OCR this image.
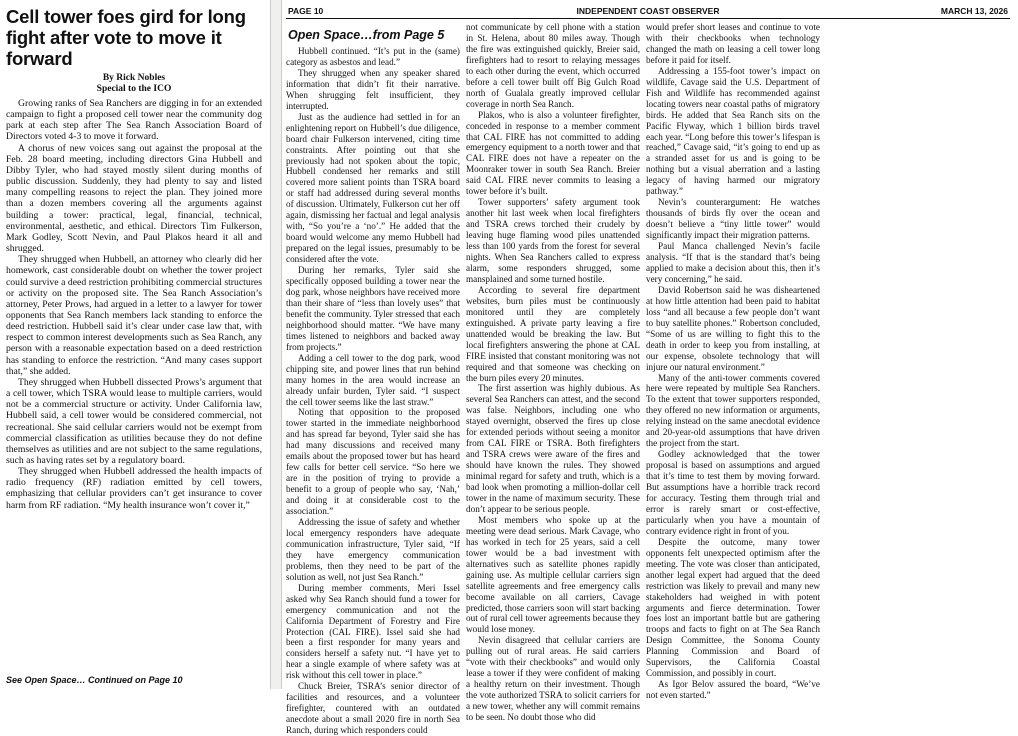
Cell tower foes gird for long fight after vote to move it forward

By Rick Nobles

Special to the ICO

Growing ranks of Sea Ranchers are digging in for an extended campaign to fight a proposed cell tower near the community dog park at each step after The Sea Ranch Association Board of Directors voted 4-3 to move it forward.

A chorus of new voices sang out against the proposal at the Feb. 28 board meeting, including directors Gina Hubbell and Dibby Tyler, who had stayed mostly silent during months of public discussion. Suddenly, they had plenty to say and listed many compelling reasons to reject the plan. They joined more than a dozen members covering all the arguments against building a tower: practical, legal, financial, technical, environmental, aesthetic, and ethical. Directors Tim Fulkerson, Mark Godley, Scott Nevin, and Paul Plakos heard it all and shrugged.

They shrugged when Hubbell, an attorney who clearly did her homework, cast considerable doubt on whether the tower project could survive a deed restriction prohibiting commercial structures or activity on the proposed site. The Sea Ranch Association’s attorney, Peter Prows, had argued in a letter to a lawyer for tower opponents that Sea Ranch members lack standing to enforce the deed restriction. Hubbell said it’s clear under case law that, with respect to common interest developments such as Sea Ranch, any person with a reasonable expectation based on a deed restriction has standing to enforce the restriction. “And many cases support that,” she added.

They shrugged when Hubbell dissected Prows’s argument that a cell tower, which TSRA would lease to multiple carriers, would not be a commercial structure or activity. Under California law, Hubbell said, a cell tower would be considered commercial, not recreational. She said cellular carriers would not be exempt from commercial classification as utilities because they do not define themselves as utilities and are not subject to the same regulations, such as having rates set by a regulatory board.

They shrugged when Hubbell addressed the health impacts of radio frequency (RF) radiation emitted by cell towers, emphasizing that cellular providers can’t get insurance to cover harm from RF radiation. “My health insurance won’t cover it,”

See Open Space… Continued on Page 10
PAGE 10	INDEPENDENT COAST OBSERVER	MARCH 13, 2026
Open Space…from Page 5

Hubbell continued. “It’s put in the (same) category as asbestos and lead.”

They shrugged when any speaker shared information that didn’t fit their narrative. When shrugging felt insufficient, they interrupted.

Just as the audience had settled in for an enlightening report on Hubbell’s due diligence, board chair Fulkerson intervened, citing time constraints. After pointing out that she previously had not spoken about the topic, Hubbell condensed her remarks and still covered more salient points than TSRA board or staff had addressed during several months of discussion. Ultimately, Fulkerson cut her off again, dismissing her factual and legal analysis with, “So you’re a ‘no’.” He added that the board would welcome any memo Hubbell had prepared on the legal issues, presumably to be considered after the vote.

During her remarks, Tyler said she specifically opposed building a tower near the dog park, whose neighbors have received more than their share of “less than lovely uses” that benefit the community. Tyler stressed that each neighborhood should matter. “We have many times listened to neighbors and backed away from projects.”

Adding a cell tower to the dog park, wood chipping site, and power lines that run behind many homes in the area would increase an already unfair burden, Tyler said. “I suspect the cell tower seems like the last straw.”

Noting that opposition to the proposed tower started in the immediate neighborhood and has spread far beyond, Tyler said she has had many discussions and received many emails about the proposed tower but has heard few calls for better cell service. “So here we are in the position of trying to provide a benefit to a group of people who say, ‘Nah,’ and doing it at considerable cost to the association.”

Addressing the issue of safety and whether local emergency responders have adequate communication infrastructure, Tyler said, “If they have emergency communication problems, then they need to be part of the solution as well, not just Sea Ranch.”

During member comments, Meri Issel asked why Sea Ranch should fund a tower for emergency communication and not the California Department of Forestry and Fire Protection (CAL FIRE). Issel said she had been a first responder for many years and considers herself a safety nut. “I have yet to hear a single example of where safety was at risk without this cell tower in place.”

Chuck Breier, TSRA’s senior director of facilities and resources, and a volunteer firefighter, countered with an outdated anecdote about a small 2020 fire in north Sea Ranch, during which responders could

not communicate by cell phone with a station in St. Helena, about 80 miles away. Though the fire was extinguished quickly, Breier said, firefighters had to resort to relaying messages to each other during the event, which occurred before a cell tower built off Big Gulch Road north of Gualala greatly improved cellular coverage in north Sea Ranch.

Plakos, who is also a volunteer firefighter, conceded in response to a member comment that CAL FIRE has not committed to adding emergency equipment to a north tower and that CAL FIRE does not have a repeater on the Moonraker tower in south Sea Ranch. Breier said CAL FIRE never commits to leasing a tower before it’s built.

Tower supporters’ safety argument took another hit last week when local firefighters and TSRA crews torched their crudely by leaving huge flaming wood piles unattended less than 100 yards from the forest for several nights. When Sea Ranchers called to express alarm, some responders shrugged, some mansplained and some turned hostile.

According to several fire department websites, burn piles must be continuously monitored until they are completely extinguished. A private party leaving a fire unattended would be breaking the law. But local firefighters answering the phone at CAL FIRE insisted that constant monitoring was not required and that someone was checking on the burn piles every 20 minutes.

The first assertion was highly dubious. As several Sea Ranchers can attest, and the second was false. Neighbors, including one who stayed overnight, observed the fires up close for extended periods without seeing a monitor from CAL FIRE or TSRA. Both firefighters and TSRA crews were aware of the fires and should have known the rules. They showed minimal regard for safety and truth, which is a bad look when promoting a million-dollar cell tower in the name of maximum security. These don’t appear to be serious people.

Most members who spoke up at the meeting were dead serious. Mark Cavage, who has worked in tech for 25 years, said a cell tower would be a bad investment with alternatives such as satellite phones rapidly gaining use. As multiple cellular carriers sign satellite agreements and free emergency calls become available on all carriers, Cavage predicted, those carriers soon will start backing out of rural cell tower agreements because they would lose money.

Nevin disagreed that cellular carriers are pulling out of rural areas. He said carriers “vote with their checkbooks” and would only lease a tower if they were confident of making a healthy return on their investment. Though the vote authorized TSRA to solicit carriers for a new tower, whether any will commit remains to be seen. No doubt those who did

would prefer short leases and continue to vote with their checkbooks when technology changed the math on leasing a cell tower long before it paid for itself.

Addressing a 155-foot tower’s impact on wildlife, Cavage said the U.S. Department of Fish and Wildlife has recommended against locating towers near coastal paths of migratory birds. He added that Sea Ranch sits on the Pacific Flyway, which 1 billion birds travel each year. “Long before this tower’s lifespan is reached,” Cavage said, “it’s going to end up as a stranded asset for us and is going to be nothing but a visual aberration and a lasting legacy of having harmed our migratory pathway.”

Nevin’s counterargument: He watches thousands of birds fly over the ocean and doesn’t believe a “tiny little tower” would significantly impact their migration patterns.

Paul Manca challenged Nevin’s facile analysis. “If that is the standard that’s being applied to make a decision about this, then it’s very concerning,” he said.

David Robertson said he was disheartened at how little attention had been paid to habitat loss “and all because a few people don’t want to buy satellite phones.” Robertson concluded, “Some of us are willing to fight this to the death in order to keep you from installing, at our expense, obsolete technology that will injure our natural environment.”

Many of the anti-tower comments covered here were repeated by multiple Sea Ranchers. To the extent that tower supporters responded, they offered no new information or arguments, relying instead on the same anecdotal evidence and 20-year-old assumptions that have driven the project from the start.

Godley acknowledged that the tower proposal is based on assumptions and argued that it’s time to test them by moving forward. But assumptions have a horrible track record for accuracy. Testing them through trial and error is rarely smart or cost-effective, particularly when you have a mountain of contrary evidence right in front of you.

Despite the outcome, many tower opponents felt unexpected optimism after the meeting. The vote was closer than anticipated, another legal expert had argued that the deed restriction was likely to prevail and many new stakeholders had weighed in with potent arguments and fierce determination. Tower foes lost an important battle but are gathering troops and facts to fight on at The Sea Ranch Design Committee, the Sonoma County Planning Commission and Board of Supervisors, the California Coastal Commission, and possibly in court.

As Igor Belov assured the board, “We’ve not even started.”
